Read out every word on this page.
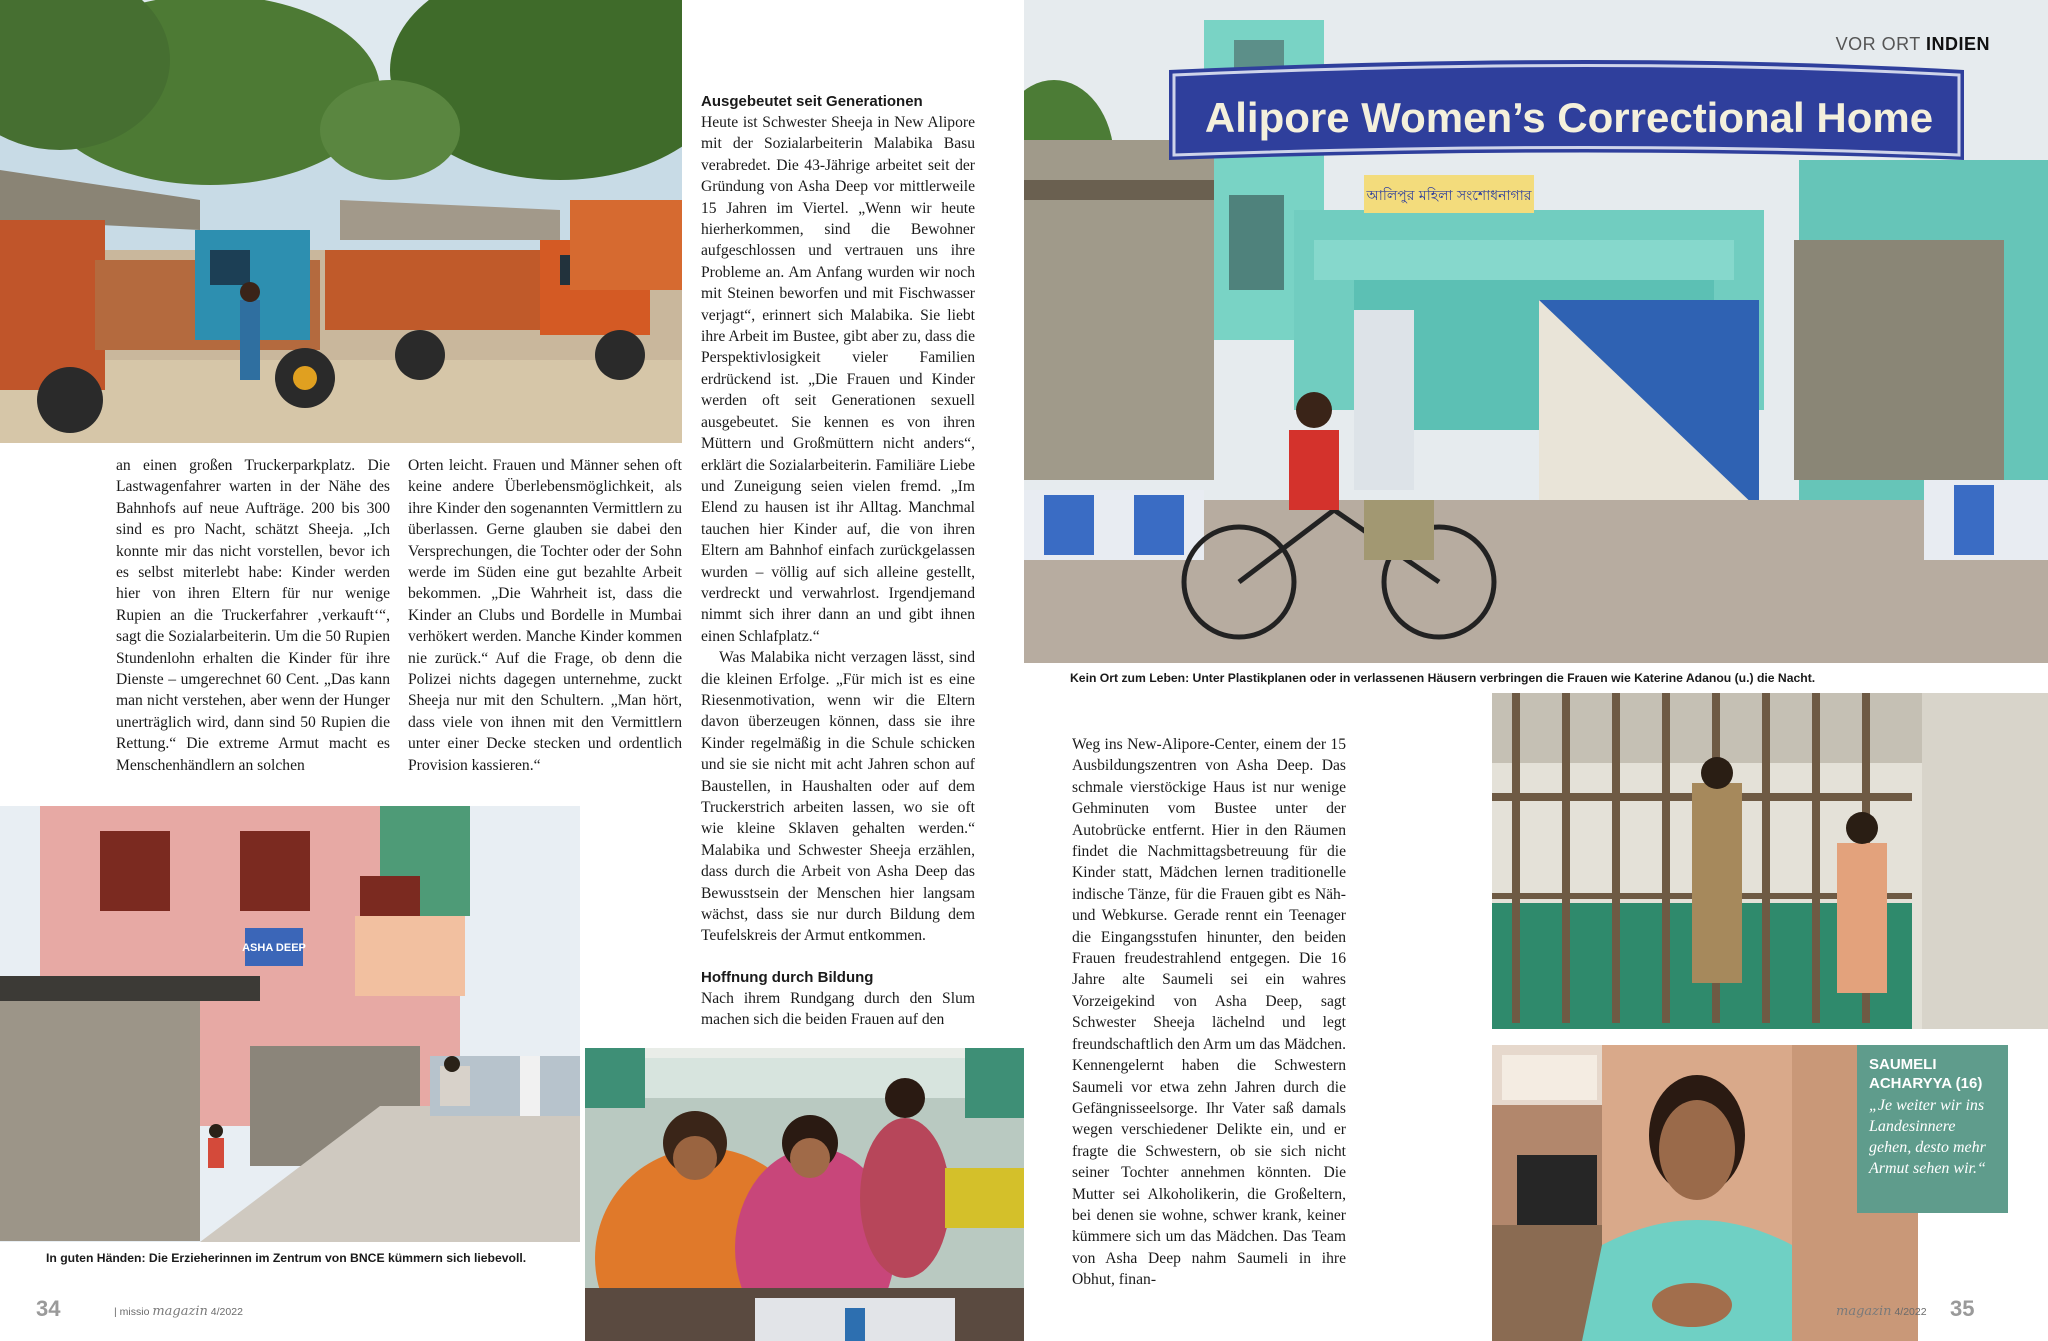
an einen großen Truckerparkplatz. Die Lastwagenfahrer warten in der Nähe des Bahnhofs auf neue Aufträge. 200 bis 300 sind es pro Nacht, schätzt Sheeja. „Ich konnte mir das nicht vorstellen, bevor ich es selbst miterlebt habe: Kinder werden hier von ihren Eltern für nur wenige Rupien an die Truckerfahrer ‚verkauft‘“, sagt die Sozialarbeiterin. Um die 50 Rupien Stundenlohn erhalten die Kinder für ihre Dienste – umgerechnet 60 Cent. „Das kann man nicht verstehen, aber wenn der Hunger unerträglich wird, dann sind 50 Rupien die Rettung.“ Die extreme Armut macht es Menschenhändlern an solchen

Orten leicht. Frauen und Männer sehen oft keine andere Überlebensmöglichkeit, als ihre Kinder den sogenannten Vermittlern zu überlassen. Gerne glauben sie dabei den Versprechungen, die Tochter oder der Sohn werde im Süden eine gut bezahlte Arbeit bekommen. „Die Wahrheit ist, dass die Kinder an Clubs und Bordelle in Mumbai verhökert werden. Manche Kinder kommen nie zurück.“ Auf die Frage, ob denn die Polizei nichts dagegen unternehme, zuckt Sheeja nur mit den Schultern. „Man hört, dass viele von ihnen mit den Vermittlern unter einer Decke stecken und ordentlich Provision kassieren.“

Ausgebeutet seit Generationen

Heute ist Schwester Sheeja in New Alipore mit der Sozialarbeiterin Malabika Basu verabredet. Die 43-Jährige arbeitet seit der Gründung von Asha Deep vor mittlerweile 15 Jahren im Viertel. „Wenn wir heute hierherkommen, sind die Bewohner aufgeschlossen und vertrauen uns ihre Probleme an. Am Anfang wurden wir noch mit Steinen beworfen und mit Fischwasser verjagt“, erinnert sich Malabika. Sie liebt ihre Arbeit im Bustee, gibt aber zu, dass die Perspektivlosigkeit vieler Familien erdrückend ist. „Die Frauen und Kinder werden oft seit Generationen sexuell ausgebeutet. Sie kennen es von ihren Müttern und Großmüttern nicht anders“, erklärt die Sozialarbeiterin. Familiäre Liebe und Zuneigung seien vielen fremd. „Im Elend zu hausen ist ihr Alltag. Manchmal tauchen hier Kinder auf, die von ihren Eltern am Bahnhof einfach zurückgelassen wurden – völlig auf sich alleine gestellt, verdreckt und verwahrlost. Irgendjemand nimmt sich ihrer dann an und gibt ihnen einen Schlafplatz.“

Was Malabika nicht verzagen lässt, sind die kleinen Erfolge. „Für mich ist es eine Riesenmotivation, wenn wir die Eltern davon überzeugen können, dass sie ihre Kinder regelmäßig in die Schule schicken und sie sie nicht mit acht Jahren schon auf Baustellen, in Haushalten oder auf dem Truckerstrich arbeiten lassen, wo sie oft wie kleine Sklaven gehalten werden.“ Malabika und Schwester Sheeja erzählen, dass durch die Arbeit von Asha Deep das Bewusstsein der Menschen hier langsam wächst, dass sie nur durch Bildung dem Teufelskreis der Armut entkommen.

Hoffnung durch Bildung

Nach ihrem Rundgang durch den Slum machen sich die beiden Frauen auf den

ASHA DEEP
In guten Händen: Die Erzieherinnen im Zentrum von BNCE kümmern sich liebevoll.
34	| missio magazin 4/2022
Alipore Women’s Correctional Home
আলিপুর মহিলা সংশোধনাগার
Kein Ort zum Leben: Unter Plastikplanen oder in verlassenen Häusern verbringen die Frauen wie Katerine Adanou (u.) die Nacht.
VOR ORT INDIEN

Weg ins New-Alipore-Center, einem der 15 Ausbildungszentren von Asha Deep. Das schmale vierstöckige Haus ist nur wenige Gehminuten vom Bustee unter der Autobrücke entfernt. Hier in den Räumen findet die Nachmittagsbetreuung für die Kinder statt, Mädchen lernen traditionelle indische Tänze, für die Frauen gibt es Näh- und Webkurse. Gerade rennt ein Teenager die Eingangsstufen hinunter, den beiden Frauen freudestrahlend entgegen. Die 16 Jahre alte Saumeli sei ein wahres Vorzeigekind von Asha Deep, sagt Schwester Sheeja lächelnd und legt freundschaftlich den Arm um das Mädchen. Kennengelernt haben die Schwestern Saumeli vor etwa zehn Jahren durch die Gefängnisseelsorge. Ihr Vater saß damals wegen verschiedener Delikte ein, und er fragte die Schwestern, ob sie sich nicht seiner Tochter annehmen könnten. Die Mutter sei Alkoholikerin, die Großeltern, bei denen sie wohne, schwer krank, keiner kümmere sich um das Mädchen. Das Team von Asha Deep nahm Saumeli in ihre Obhut, finan-

SAUMELI ACHARYYA (16)
„Je weiter wir ins Landesinnere gehen, desto mehr Armut sehen wir.“
magazin 4/2022 35
